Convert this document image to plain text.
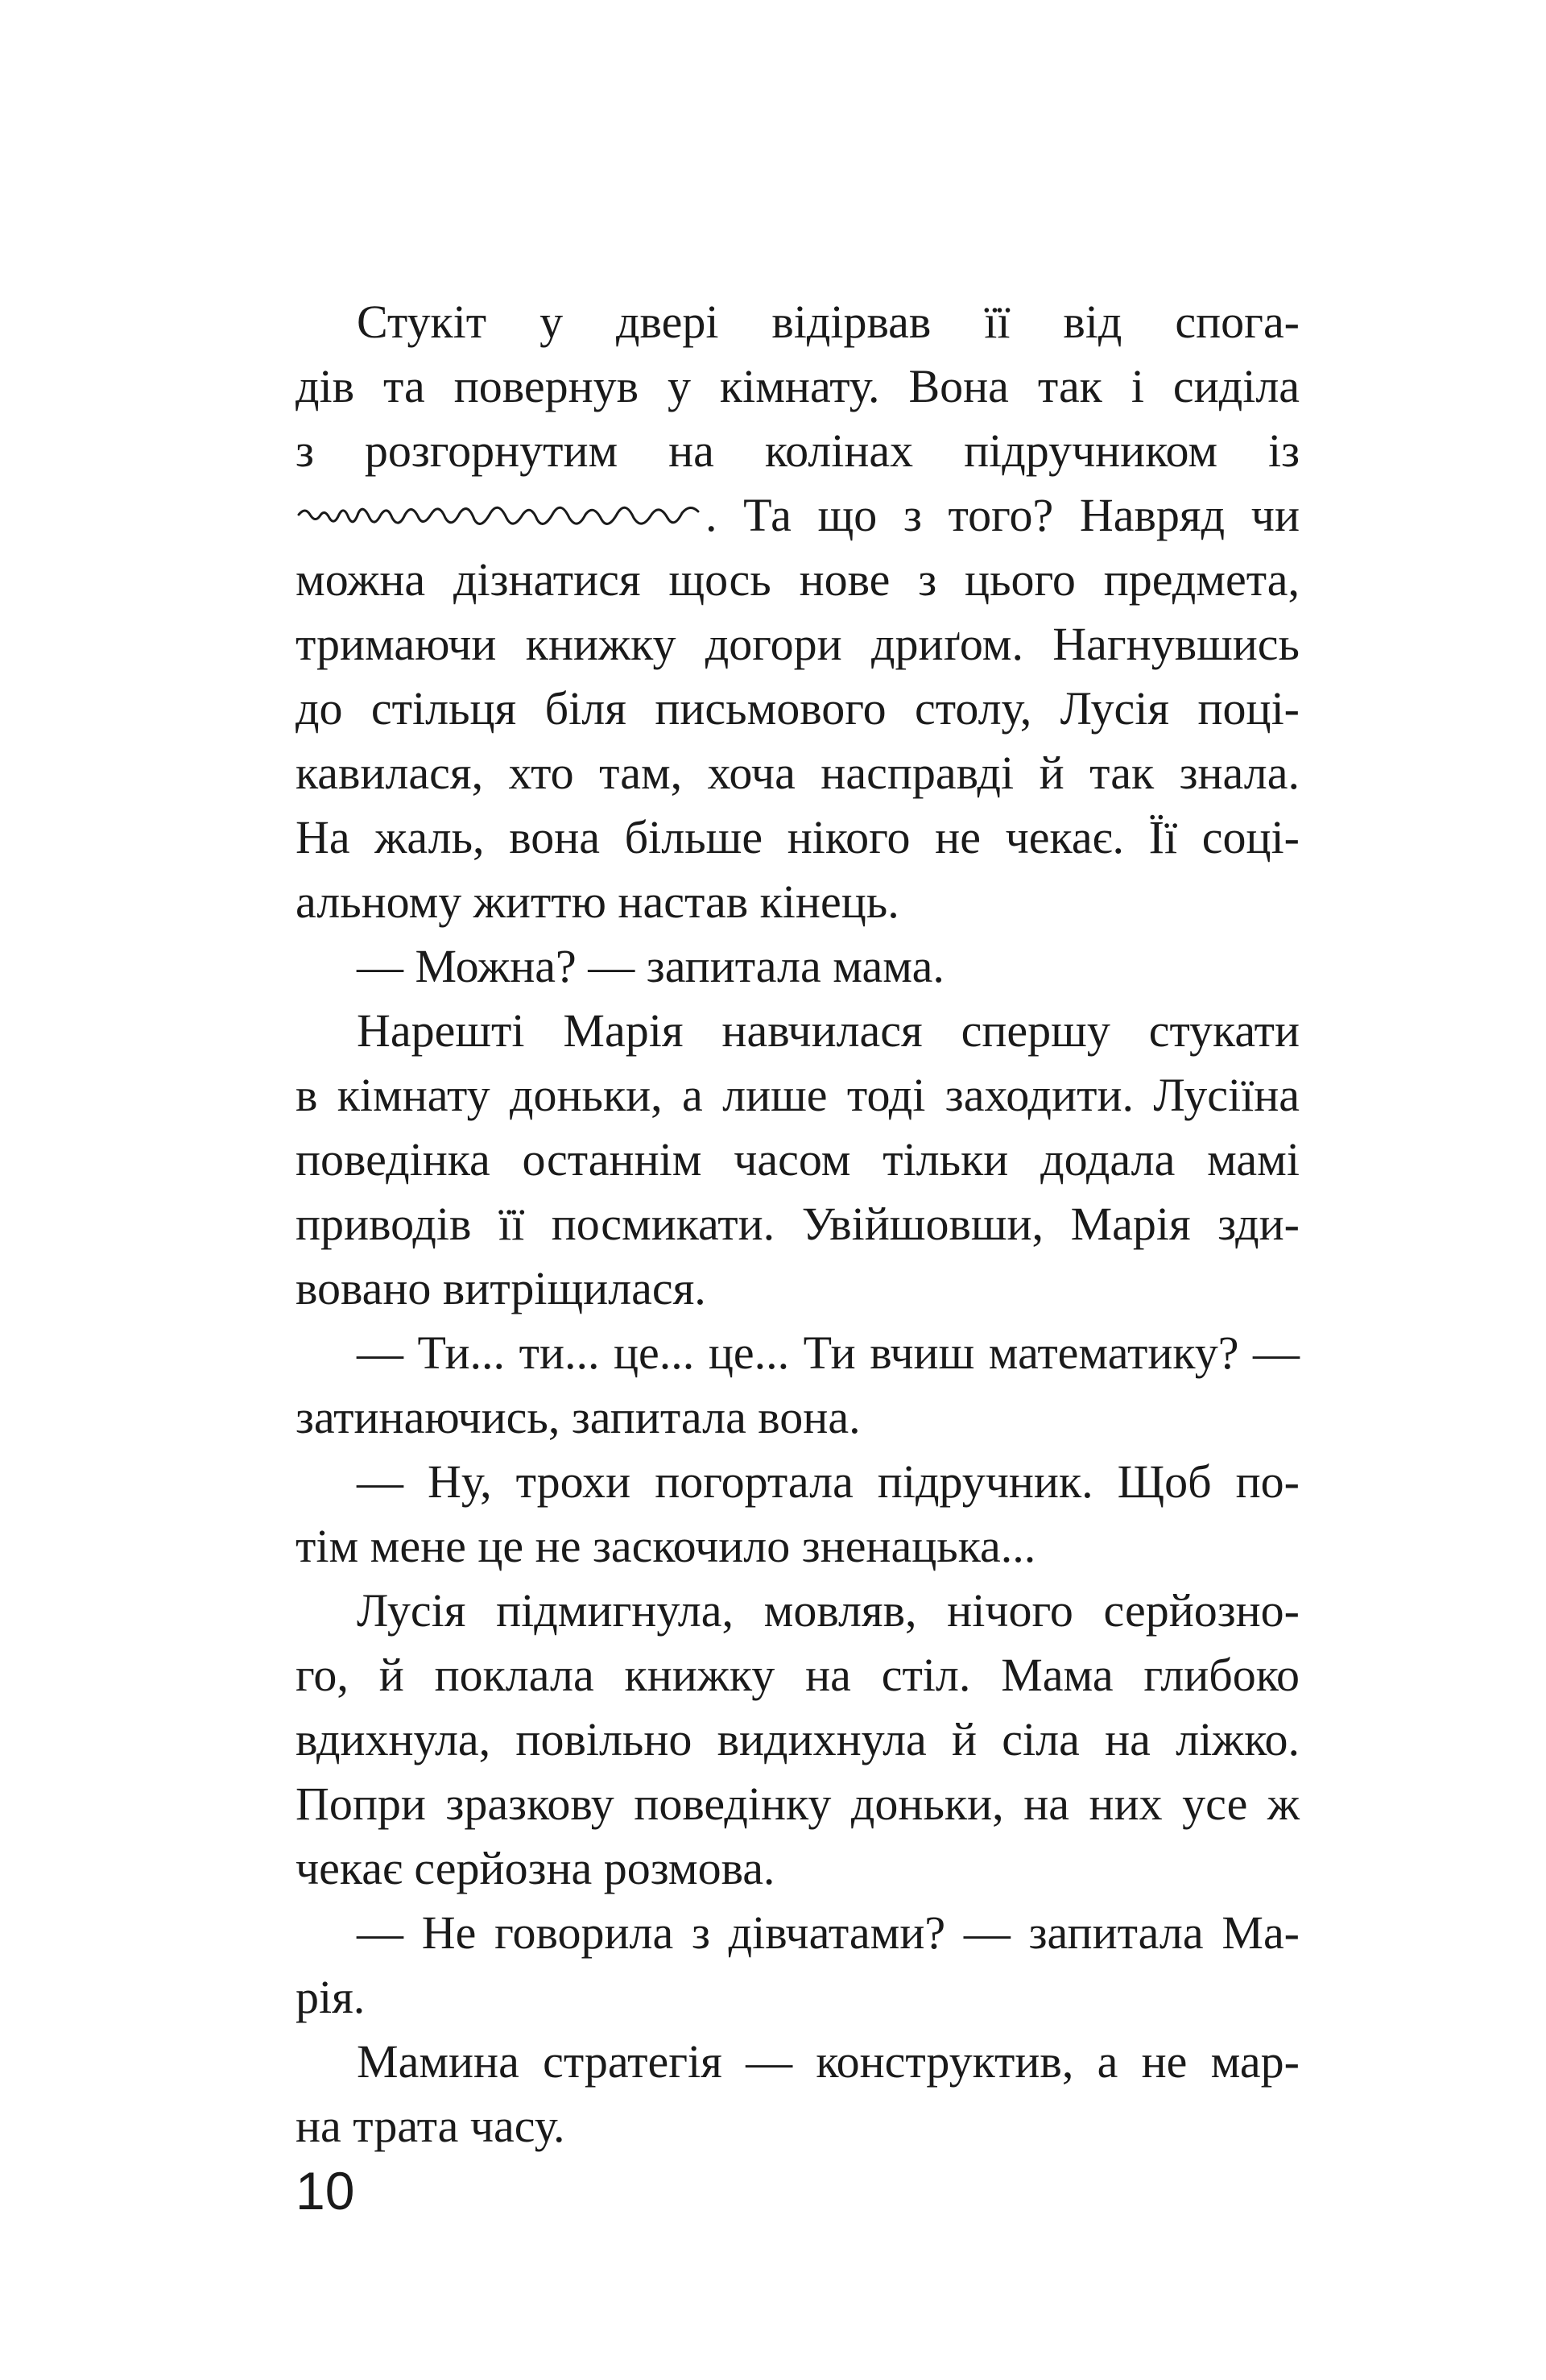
Стукіт у двері відірвав її від спога-
дів та повернув у кімнату. Вона так і сиділа
з розгорнутим на колінах підручником із
. Та що з того? Навряд чи
можна дізнатися щось нове з цього предмета,
тримаючи книжку догори дриґом. Нагнувшись
до стільця біля письмового столу, Лусія поці-
кавилася, хто там, хоча насправді й так знала.
На жаль, вона більше нікого не чекає. Її соці-
альному життю настав кінець.
— Можна? — запитала мама.
Нарешті Марія навчилася спершу стукати
в кімнату доньки, а лише тоді заходити. Лусіїна
поведінка останнім часом тільки додала мамі
приводів її посмикати. Увійшовши, Марія зди-
вовано витріщилася.
— Ти... ти... це... це... Ти вчиш математику? —
затинаючись, запитала вона.
— Ну, трохи погортала підручник. Щоб по-
тім мене це не заскочило зненацька...
Лусія підмигнула, мовляв, нічого серйозно-
го, й поклала книжку на стіл. Мама глибоко
вдихнула, повільно видихнула й сіла на ліжко.
Попри зразкову поведінку доньки, на них усе ж
чекає серйозна розмова.
— Не говорила з дівчатами? — запитала Ма-
рія.
Мамина стратегія — конструктив, а не мар-
на трата часу.
10
